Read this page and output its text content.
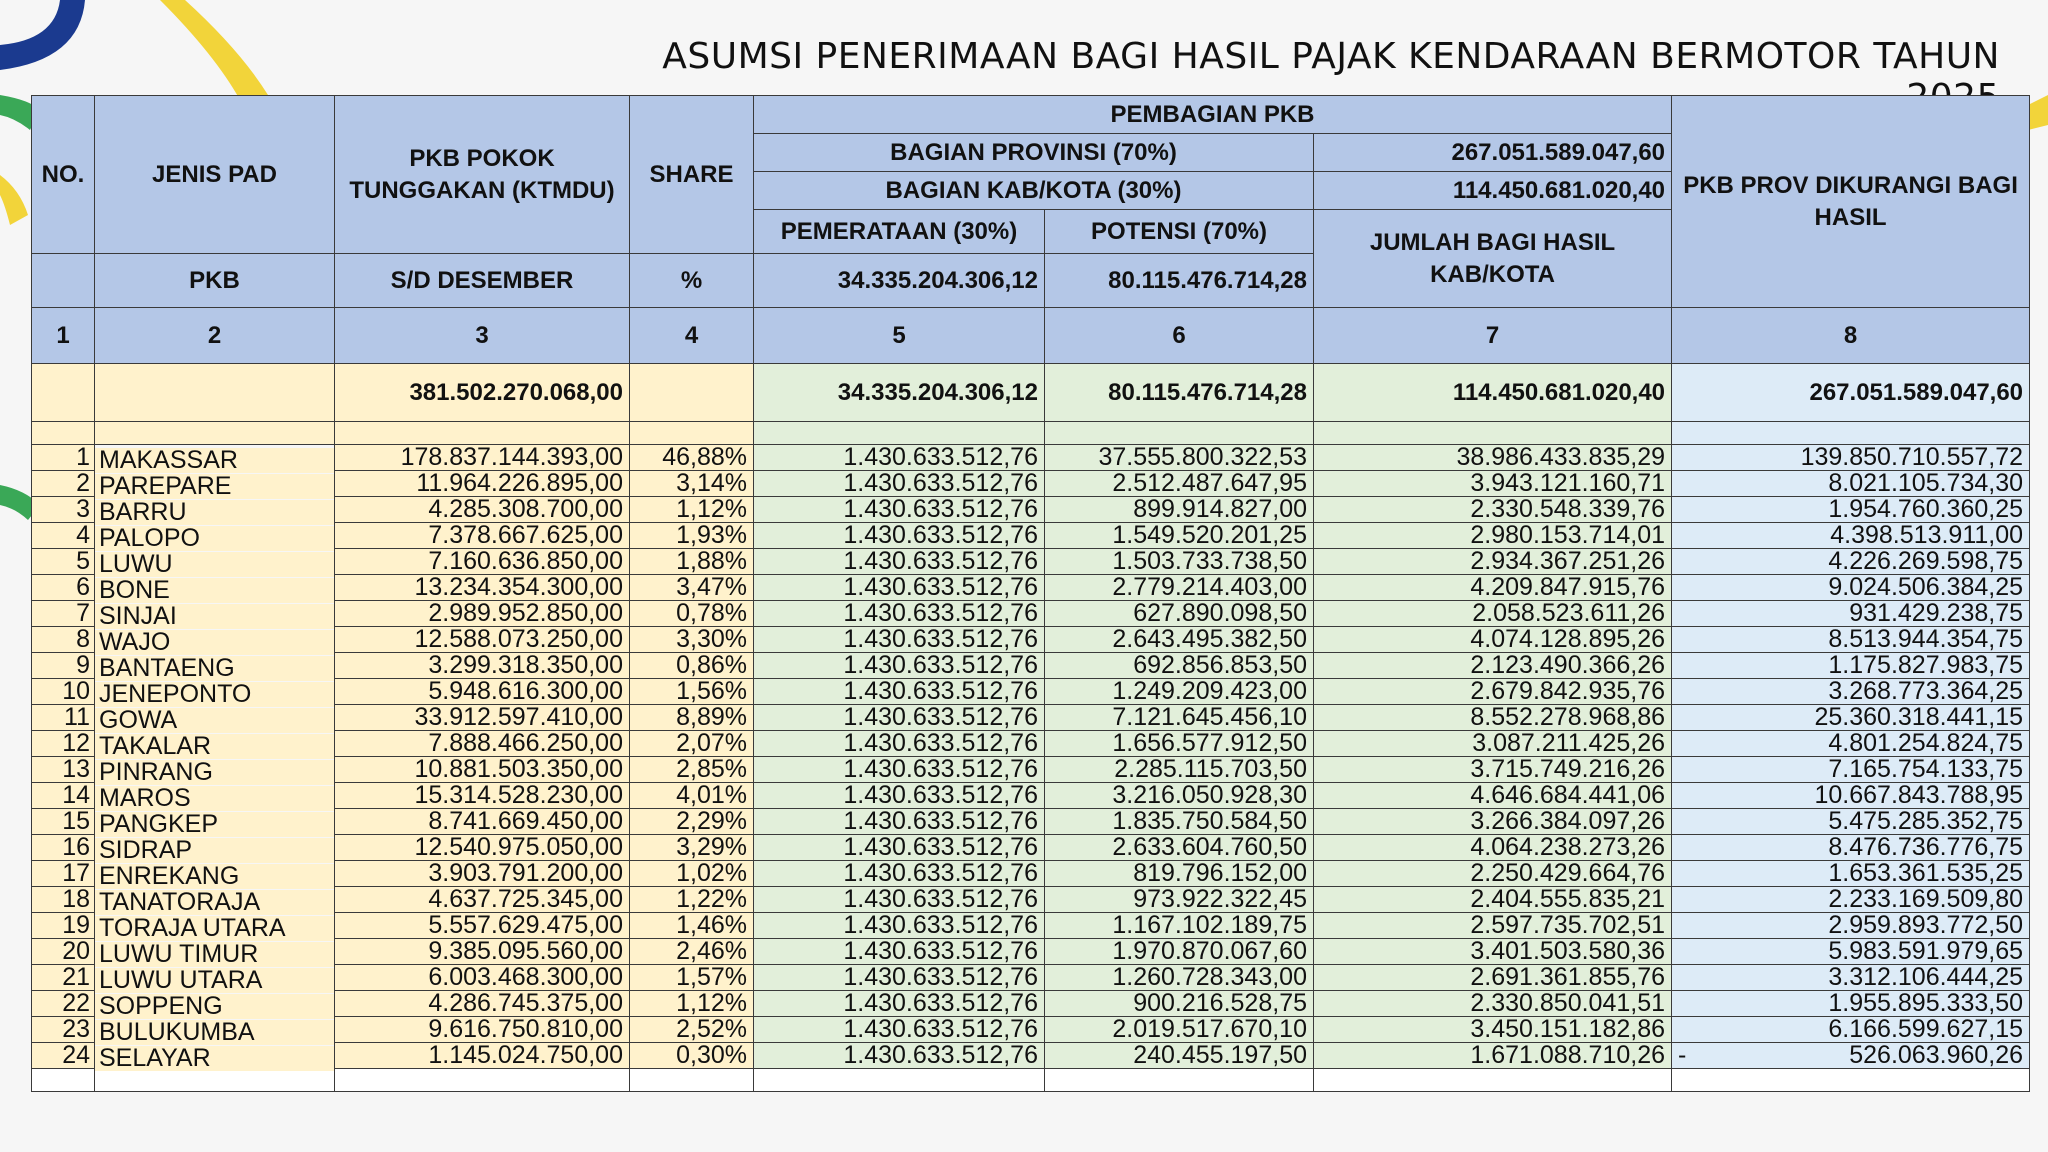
ASUMSI PENERIMAAN BAGI HASIL PAJAK KENDARAAN BERMOTOR TAHUN
NO.	JENIS PAD	PKB POKOK TUNGGAKAN (KTMDU)	SHARE	PEMBAGIAN PKB			PKB PROV DIKURANGI BAGI HASIL
				BAGIAN PROVINSI (70%)		267.051.589.047,60	
				BAGIAN KAB/KOTA (30%)		114.450.681.020,40	
				PEMERATAAN (30%)	POTENSI (70%)	JUMLAH BAGI HASIL KAB/KOTA	
	PKB	S/D DESEMBER	%	34.335.204.306,12	80.115.476.714,28		
1	2	3	4	5	6	7	8
		381.502.270.068,00		34.335.204.306,12	80.115.476.714,28	114.450.681.020,40	267.051.589.047,60

1	MAKASSAR	178.837.144.393,00	46,88%	1.430.633.512,76	37.555.800.322,53	38.986.433.835,29	139.850.710.557,72
2	PAREPARE	11.964.226.895,00	3,14%	1.430.633.512,76	2.512.487.647,95	3.943.121.160,71	8.021.105.734,30
3	BARRU	4.285.308.700,00	1,12%	1.430.633.512,76	899.914.827,00	2.330.548.339,76	1.954.760.360,25
4	PALOPO	7.378.667.625,00	1,93%	1.430.633.512,76	1.549.520.201,25	2.980.153.714,01	4.398.513.911,00
5	LUWU	7.160.636.850,00	1,88%	1.430.633.512,76	1.503.733.738,50	2.934.367.251,26	4.226.269.598,75
6	BONE	13.234.354.300,00	3,47%	1.430.633.512,76	2.779.214.403,00	4.209.847.915,76	9.024.506.384,25
7	SINJAI	2.989.952.850,00	0,78%	1.430.633.512,76	627.890.098,50	2.058.523.611,26	931.429.238,75
8	WAJO	12.588.073.250,00	3,30%	1.430.633.512,76	2.643.495.382,50	4.074.128.895,26	8.513.944.354,75
9	BANTAENG	3.299.318.350,00	0,86%	1.430.633.512,76	692.856.853,50	2.123.490.366,26	1.175.827.983,75
10	JENEPONTO	5.948.616.300,00	1,56%	1.430.633.512,76	1.249.209.423,00	2.679.842.935,76	3.268.773.364,25
11	GOWA	33.912.597.410,00	8,89%	1.430.633.512,76	7.121.645.456,10	8.552.278.968,86	25.360.318.441,15
12	TAKALAR	7.888.466.250,00	2,07%	1.430.633.512,76	1.656.577.912,50	3.087.211.425,26	4.801.254.824,75
13	PINRANG	10.881.503.350,00	2,85%	1.430.633.512,76	2.285.115.703,50	3.715.749.216,26	7.165.754.133,75
14	MAROS	15.314.528.230,00	4,01%	1.430.633.512,76	3.216.050.928,30	4.646.684.441,06	10.667.843.788,95
15	PANGKEP	8.741.669.450,00	2,29%	1.430.633.512,76	1.835.750.584,50	3.266.384.097,26	5.475.285.352,75
16	SIDRAP	12.540.975.050,00	3,29%	1.430.633.512,76	2.633.604.760,50	4.064.238.273,26	8.476.736.776,75
17	ENREKANG	3.903.791.200,00	1,02%	1.430.633.512,76	819.796.152,00	2.250.429.664,76	1.653.361.535,25
18	TANATORAJA	4.637.725.345,00	1,22%	1.430.633.512,76	973.922.322,45	2.404.555.835,21	2.233.169.509,80
19	TORAJA UTARA	5.557.629.475,00	1,46%	1.430.633.512,76	1.167.102.189,75	2.597.735.702,51	2.959.893.772,50
20	LUWU TIMUR	9.385.095.560,00	2,46%	1.430.633.512,76	1.970.870.067,60	3.401.503.580,36	5.983.591.979,65
21	LUWU UTARA	6.003.468.300,00	1,57%	1.430.633.512,76	1.260.728.343,00	2.691.361.855,76	3.312.106.444,25
22	SOPPENG	4.286.745.375,00	1,12%	1.430.633.512,76	900.216.528,75	2.330.850.041,51	1.955.895.333,50
23	BULUKUMBA	9.616.750.810,00	2,52%	1.430.633.512,76	2.019.517.670,10	3.450.151.182,86	6.166.599.627,15
24	SELAYAR	1.145.024.750,00	0,30%	1.430.633.512,76	240.455.197,50	1.671.088.710,26	- 526.063.960,26
